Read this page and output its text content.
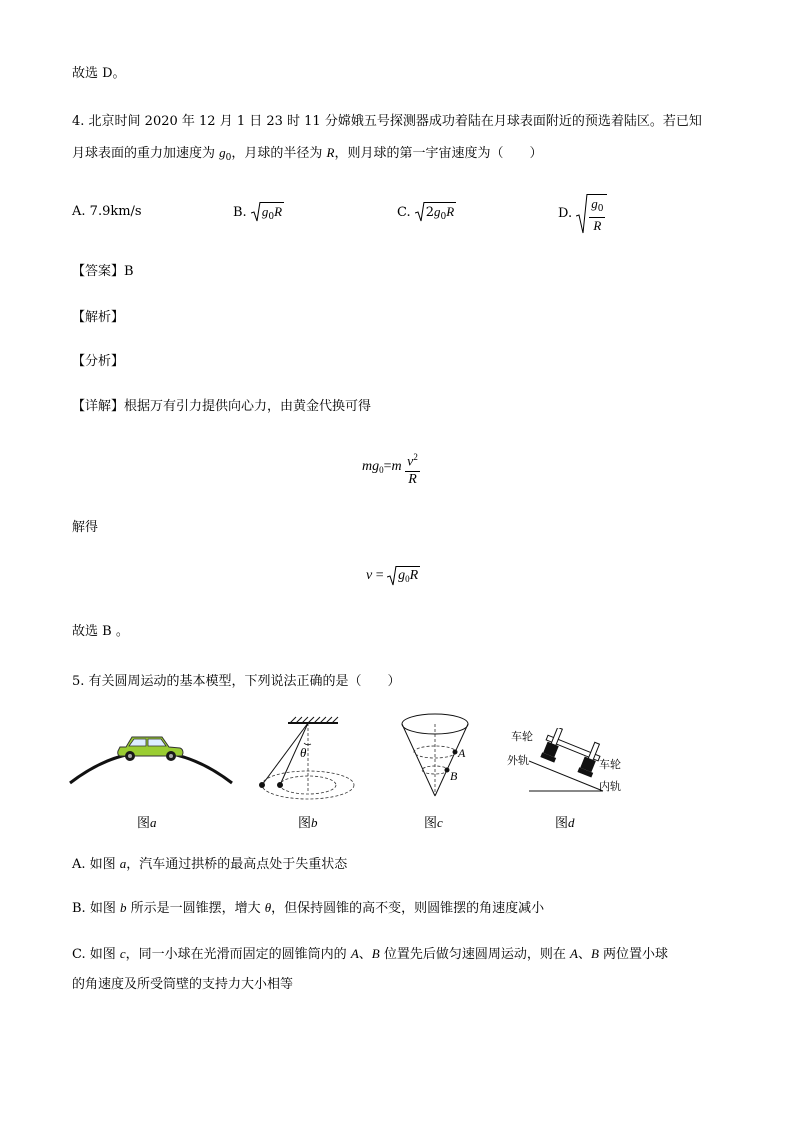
故选 D。
4. 北京时间 2020 年 12 月 1 日 23 时 11 分嫦娥五号探测器成功着陆在月球表面附近的预选着陆区。若已知
月球表面的重力加速度为 $g_0$，月球的半径为 R，则月球的第一宇宙速度为（　　）
A. 7.9km/s	B. $g_0R$	C. $2g_0R$	D. $\frac{g_0}{R}$
【答案】B
【解析】
【分析】
【详解】根据万有引力提供向心力，由黄金代换可得
$mg_0=m \frac{v^2}{R}$
解得
v =
$g_0R$
故选 B 。
5. 有关圆周运动的基本模型，下列说法正确的是（　　）
图a
θ
图b
A
B
图c
车轮
外轨	车轮
内轨
图d
A. 如图 a，汽车通过拱桥的最高点处于失重状态
B. 如图 b 所示是一圆锥摆，增大 θ，但保持圆锥的高不变，则圆锥摆的角速度减小
C. 如图 c，同一小球在光滑而固定的圆锥筒内的 A、B 位置先后做匀速圆周运动，则在 A、B 两位置小球
的角速度及所受筒壁的支持力大小相等
